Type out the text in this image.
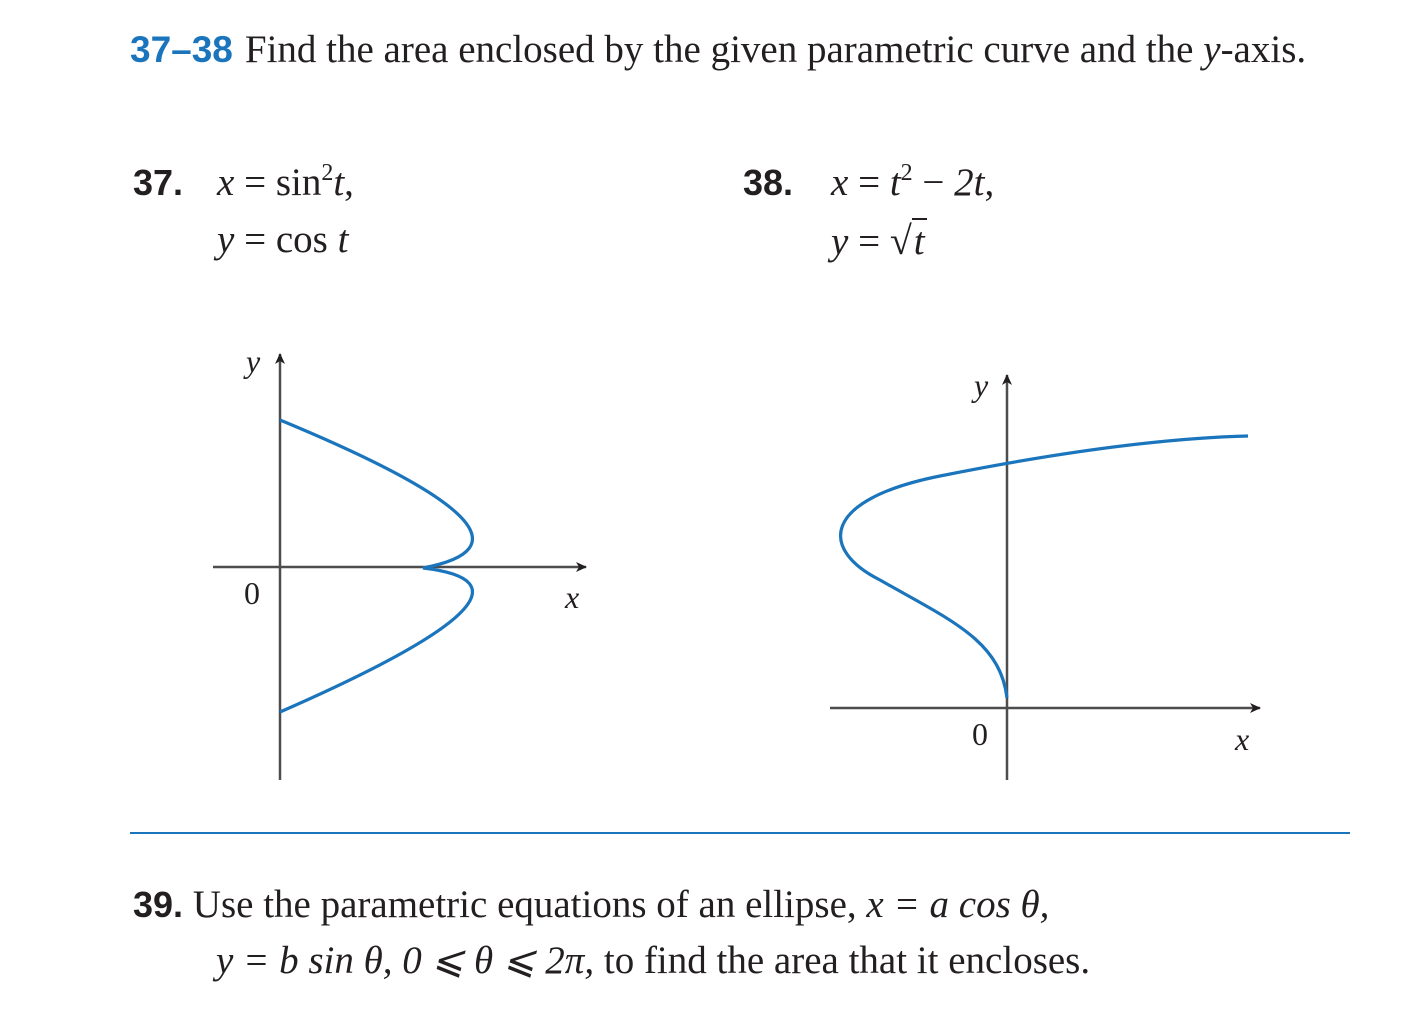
37–38 Find the area enclosed by the given parametric curve and the y-axis.
37. $x = \sin^2t$,
y = cos t
38. $x = t^2 - 2t$,
y = √t
y
x
0
y
x
0
39. Use the parametric equations of an ellipse, x = a cos θ,
y = b sin θ, 0 ⩽ θ ⩽ 2π, to find the area that it encloses.
